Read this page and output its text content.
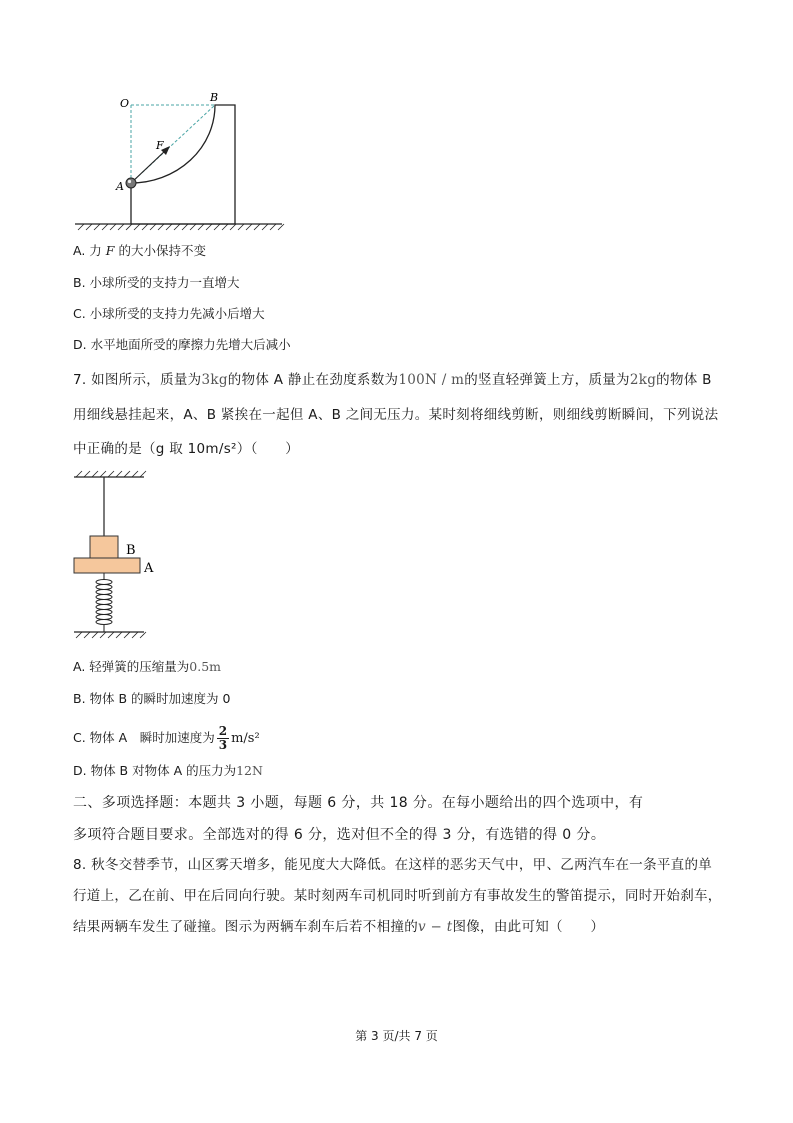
O	B
F
A
A. 力 F 的大小保持不变
B. 小球所受的支持力一直增大
C. 小球所受的支持力先减小后增大
D. 水平地面所受的摩擦力先增大后减小
7. 如图所示，质量为3kg的物体 A 静止在劲度系数为100N / m的竖直轻弹簧上方，质量为2kg的物体 B
用细线悬挂起来，A、B 紧挨在一起但 A、B 之间无压力。某时刻将细线剪断，则细线剪断瞬间，下列说法
中正确的是（g 取 10m/s²）（　　）
B
A
A. 轻弹簧的压缩量为0.5m
B. 物体 B 的瞬时加速度为 0
C. 物体 A　瞬时加速度为 $\frac{2}{3} m/s^2$
D. 物体 B 对物体 A 的压力为12N
二、多项选择题：本题共 3 小题，每题 6 分，共 18 分。在每小题给出的四个选项中，有
多项符合题目要求。全部选对的得 6 分，选对但不全的得 3 分，有选错的得 0 分。
8. 秋冬交替季节，山区雾天增多，能见度大大降低。在这样的恶劣天气中，甲、乙两汽车在一条平直的单
行道上，乙在前、甲在后同向行驶。某时刻两车司机同时听到前方有事故发生的警笛提示，同时开始刹车，
结果两辆车发生了碰撞。图示为两辆车刹车后若不相撞的v − t图像，由此可知（　　）
第 3 页/共 7 页
